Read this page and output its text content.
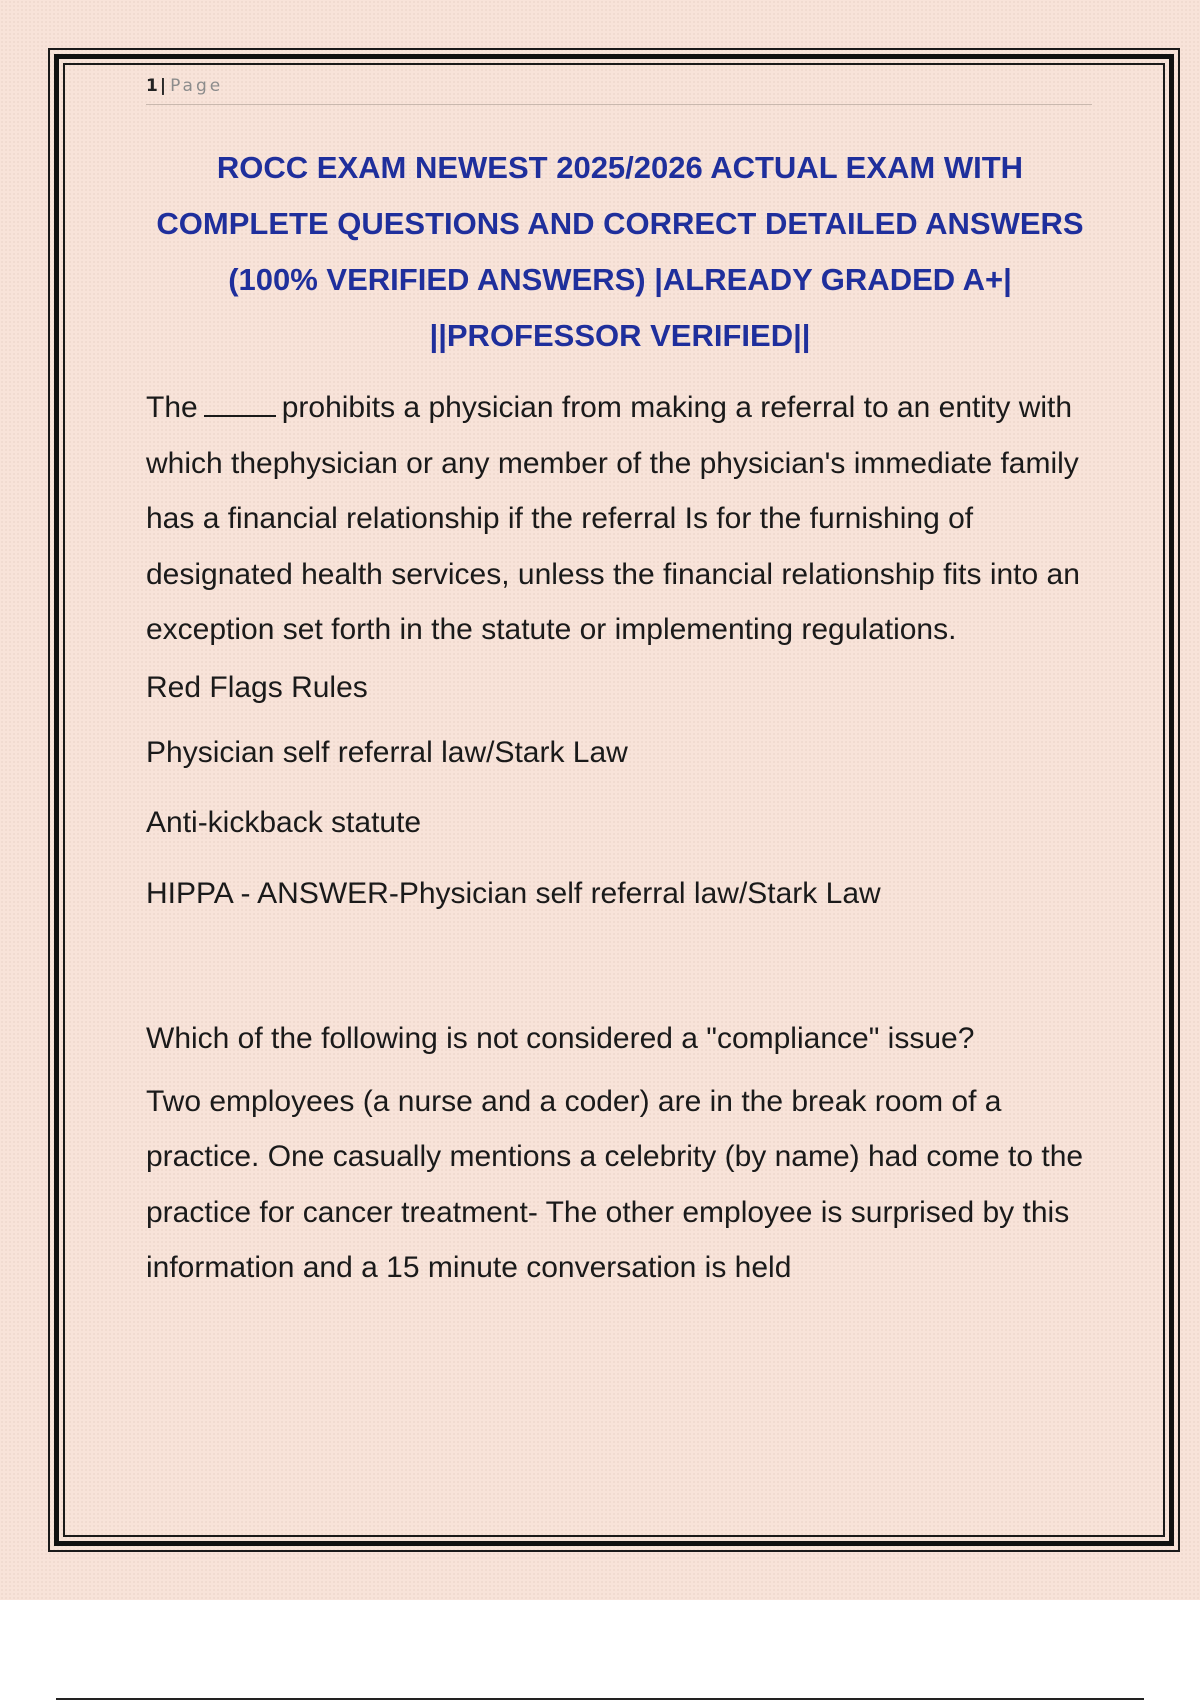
1 | Page
ROCC EXAM NEWEST 2025/2026 ACTUAL EXAM WITH COMPLETE QUESTIONS AND CORRECT DETAILED ANSWERS (100% VERIFIED ANSWERS) |ALREADY GRADED A+| ||PROFESSOR VERIFIED||

The	prohibits a physician from making a referral to an entity with which thephysician or any member of the physician's immediate family has a financial relationship if the referral Is for the furnishing of designated health services, unless the financial relationship fits into an exception set forth in the statute or implementing regulations.

Red Flags Rules

Physician self referral law/Stark Law

Anti-kickback statute

HIPPA - ANSWER-Physician self referral law/Stark Law

Which of the following is not considered a "compliance" issue?

Two employees (a nurse and a coder) are in the break room of a practice. One casually mentions a celebrity (by name) had come to the practice for cancer treatment- The other employee is surprised by this information and a 15 minute conversation is held
